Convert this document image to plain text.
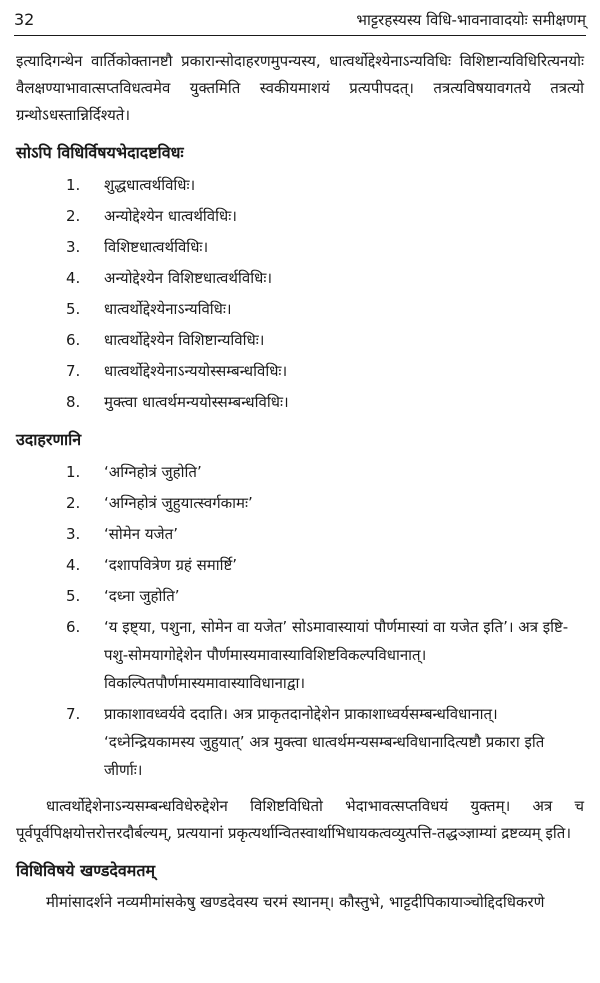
32	भाट्टरहस्यस्य विधि-भावनावादयोः समीक्षणम्

इत्यादिगन्थेन वार्तिकोक्तानष्टौ प्रकारान्सोदाहरणमुपन्यस्य, धात्वर्थोद्देश्येनाऽन्यविधिः विशिष्टान्यविधिरित्यनयोः वैलक्षण्याभावात्सप्तविधत्वमेव युक्तमिति स्वकीयमाशयं प्रत्यपीपदत्। तत्रत्यविषयावगतये तत्रत्यो ग्रन्थोऽधस्तान्निर्दिश्यते।

सोऽपि विधिर्विषयभेदादष्टविधः
1.	शुद्धधात्वर्थविधिः।
2.	अन्योद्देश्येन धात्वर्थविधिः।
3.	विशिष्टधात्वर्थविधिः।
4.	अन्योद्देश्येन विशिष्टधात्वर्थविधिः।
5.	धात्वर्थोद्देश्येनाऽन्यविधिः।
6.	धात्वर्थोद्देश्येन विशिष्टान्यविधिः।
7.	धात्वर्थोद्देश्येनाऽन्ययोस्सम्बन्धविधिः।
8.	मुक्त्वा धात्वर्थमन्ययोस्सम्बन्धविधिः।
उदाहरणानि
1.	‘अग्निहोत्रं जुहोति’
2.	‘अग्निहोत्रं जुहुयात्स्वर्गकामः’
3.	‘सोमेन यजेत’
4.	‘दशापवित्रेण ग्रहं समार्ष्टि’
5.	‘दध्ना जुहोति’
6.	‘य इष्ट्या, पशुना, सोमेन वा यजेत’ सोऽमावास्यायां पौर्णमास्यां वा यजेत इति’। अत्र इष्टि-पशु-सोमयागोद्देशेन पौर्णमास्यमावास्याविशिष्टविकल्पविधानात्। विकल्पितपौर्णमास्यमावास्याविधानाद्वा।
7.	प्राकाशावध्वर्यवे ददाति। अत्र प्राकृतदानोद्देशेन प्राकाशाध्वर्यसम्बन्धविधानात्। ‘दध्नेन्द्रियकामस्य जुहुयात्’ अत्र मुक्त्वा धात्वर्थमन्यसम्बन्धविधानादित्यष्टौ प्रकारा इति जीर्णाः।

धात्वर्थोद्देशेनाऽन्यसम्बन्धविधेरुद्देशेन विशिष्टविधितो भेदाभावत्सप्तविधयं युक्तम्। अत्र च पूर्वपूर्वपिक्षयोत्तरोत्तरदौर्बल्यम्, प्रत्ययानां प्रकृत्यर्थान्वितस्वार्थाभिधायकत्वव्युत्पत्ति-तद्धञ्ज्ञाम्यां द्रष्टव्यम् इति।

विधिविषये खण्डदेवमतम्

मीमांसादर्शने नव्यमीमांसकेषु खण्डदेवस्य चरमं स्थानम्। कौस्तुभे, भाट्टदीपिकायाञ्चोद्दिदधिकरणे
